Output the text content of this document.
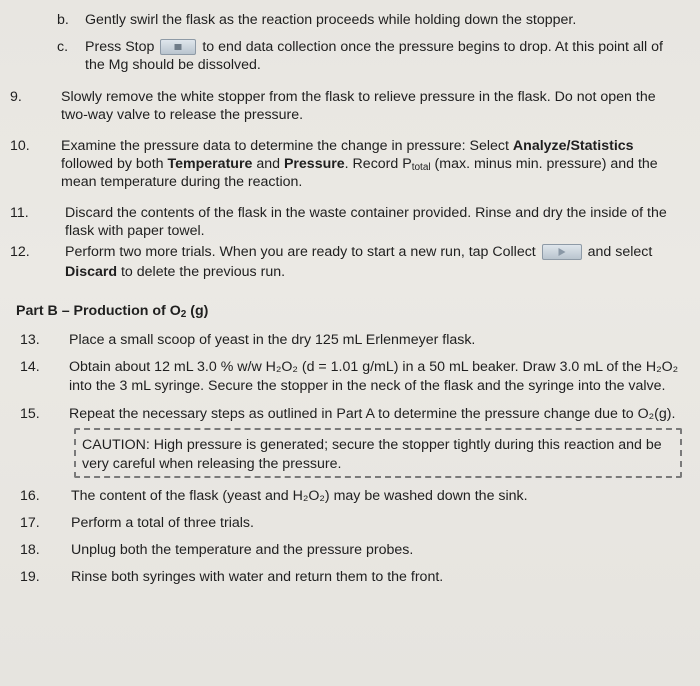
b. Gently swirl the flask as the reaction proceeds while holding down the stopper.
c. Press Stop	to end data collection once the pressure begins to drop. At this point all of
the Mg should be dissolved.
9.	Slowly remove the white stopper from the flask to relieve pressure in the flask. Do not open the
two-way valve to release the pressure.
10. Examine the pressure data to determine the change in pressure: Select Analyze/Statistics
followed by both Temperature and Pressure. Record $P_{total}$ (max. minus min. pressure) and the
mean temperature during the reaction.
11.	Discard the contents of the flask in the waste container provided. Rinse and dry the inside of the
flask with paper towel.
12. Perform two more trials. When you are ready to start a new run, tap Collect	and select
Discard to delete the previous run.
Part B – Production of $O_2$ (g)
13. Place a small scoop of yeast in the dry 125 mL Erlenmeyer flask.
14. Obtain about 12 mL 3.0 % w/w H₂O₂ (d = 1.01 g/mL) in a 50 mL beaker. Draw 3.0 mL of the H₂O₂
into the 3 mL syringe. Secure the stopper in the neck of the flask and the syringe into the valve.
15. Repeat the necessary steps as outlined in Part A to determine the pressure change due to O₂(g).
CAUTION: High pressure is generated; secure the stopper tightly during this reaction and be
very careful when releasing the pressure.
16. The content of the flask (yeast and H₂O₂) may be washed down the sink.
17. Perform a total of three trials.
18. Unplug both the temperature and the pressure probes.
19. Rinse both syringes with water and return them to the front.
